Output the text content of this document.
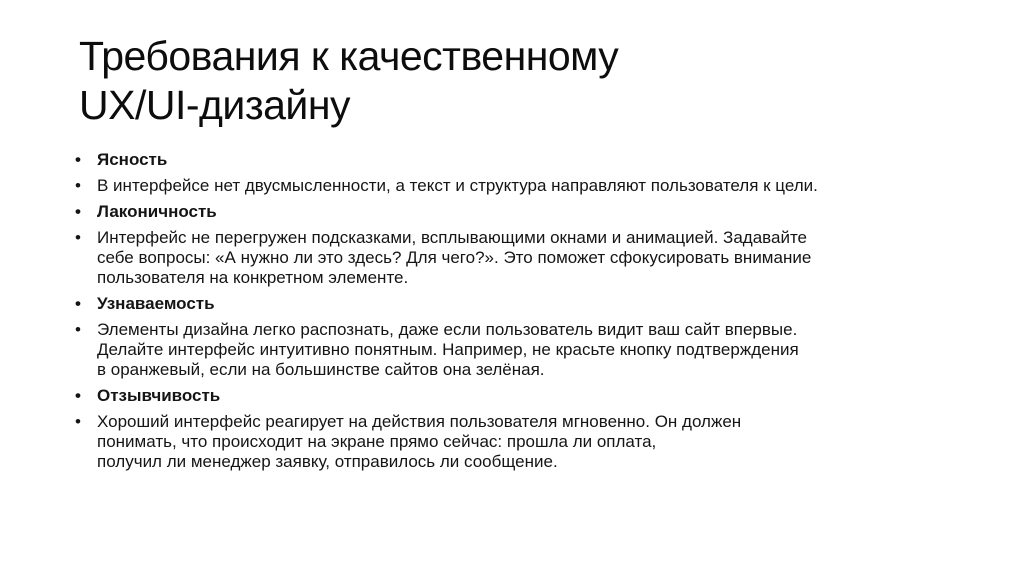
Требования к качественному
UX/UI-дизайну
• Ясность
• В интерфейсе нет двусмысленности, а текст и структура направляют пользователя к цели.
• Лаконичность
• Интерфейс не перегружен подсказками, всплывающими окнами и анимацией. Задавайте
себе вопросы: «А нужно ли это здесь? Для чего?». Это поможет сфокусировать внимание
пользователя на конкретном элементе.
• Узнаваемость
• Элементы дизайна легко распознать, даже если пользователь видит ваш сайт впервые.
Делайте интерфейс интуитивно понятным. Например, не красьте кнопку подтверждения
в оранжевый, если на большинстве сайтов она зелёная.
• Отзывчивость
• Хороший интерфейс реагирует на действия пользователя мгновенно. Он должен
понимать, что происходит на экране прямо сейчас: прошла ли оплата,
получил ли менеджер заявку, отправилось ли сообщение.
